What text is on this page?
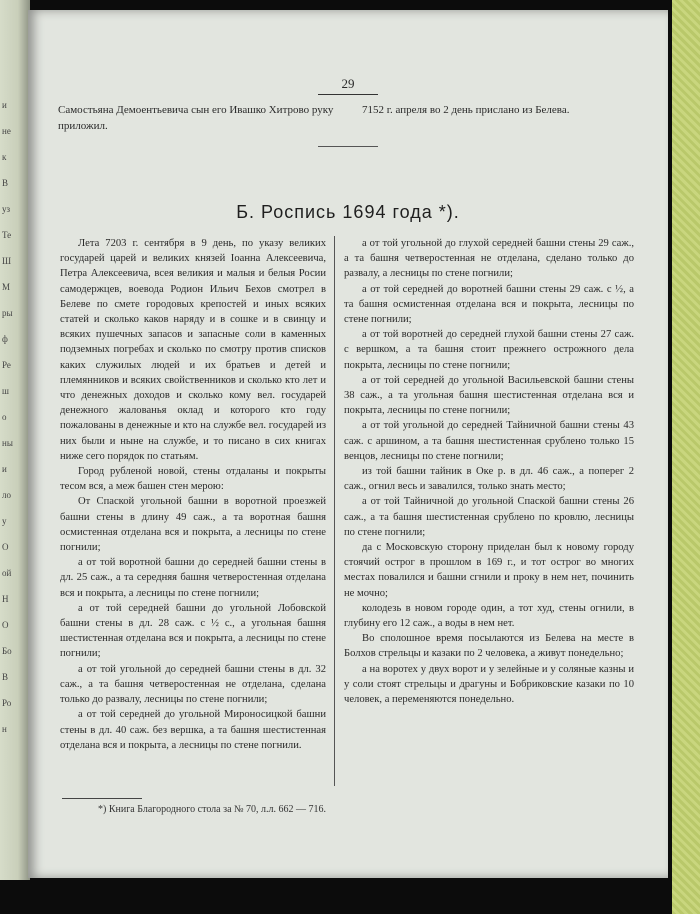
и
не
к
В
уз
Те
Ш
М
ры
ф
Ре
ш
о
ны
и
ло
у
О
ой
Н
О
Бо
В
Ро
н
29
Самостьяна Демоентьевича сын его Ивашко Хитрово руку приложил.
7152 г. апреля во 2 день прислано из Белева.
Б. Роспись 1694 года *).

Лета 7203 г. сентября в 9 день, по указу великих государей царей и великих князей Іоанна Алексеевича, Петра Алексеевича, всея великия и малыя и белыя Росии самодержцев, воевода Родион Ильич Бехов смотрел в Белеве по смете городовых крепостей и иных всяких статей и сколько каков наряду и в сошке и в свинцу и всяких пушечных запасов и запасные соли в каменных подземных погребах и сколько по смотру против списков каких служилых людей и их братьев и детей и племянников и всяких свойственников и сколько кто лет и что денежных доходов и сколько кому вел. государей денежного жалованья оклад и которого кто году пожалованы в денежные и кто на службе вел. государей из них были и ныне на службе, и то писано в сих книгах ниже сего порядок по статьям.

Город рубленой новой, стены отдаланы и покрыты тесом вся, а меж башен стен мерою:

От Спаской угольной башни в воротной проезжей башни стены в длину 49 саж., а та воротная башня осмистенная отделана вся и покрыта, а лесницы по стене погнили;

а от той воротной башни до середней башни стены в дл. 25 саж., а та середняя башня четверостенная отделана вся и покрыта, а лесницы по стене погнили;

а от той середней башни до угольной Лобовской башни стены в дл. 28 саж. с ½ с., а угольная башня шестистенная отделана вся и покрыта, а лесницы по стене погнили;

а от той угольной до середней башни стены в дл. 32 саж., а та башня четверостенная не отделана, сделана только до развалу, лесницы по стене погнили;

а от той середней до угольной Мироносицкой башни стены в дл. 40 саж. без вершка, а та башня шестистенная отделана вся и покрыта, а лесницы по стене погнили.

а от той угольной до глухой середней башни стены 29 саж., а та башня четверостенная не отделана, сделано только до развалу, а лесницы по стене погнили;

а от той середней до воротней башни стены 29 саж. с ½, а та башня осмистенная отделана вся и покрыта, лесницы по стене погнили;

а от той воротней до середней глухой башни стены 27 саж. с вершком, а та башня стоит прежнего острожного дела покрыта, лесницы по стене погнили;

а от той середней до угольной Васильевской башни стены 38 саж., а та угольная башня шестистенная отделана вся и покрыта, лесницы по стене погнили;

а от той угольной до середней Тайничной башни стены 43 саж. с аршином, а та башня шестистенная срублено только 15 венцов, лесницы по стене погнили;

из той башни тайник в Оке р. в дл. 46 саж., а поперег 2 саж., огнил весь и завалился, только знать место;

а от той Тайничной до угольной Спаской башни стены 26 саж., а та башня шестистенная срублено по кровлю, лесницы по стене погнили;

да с Московскую сторону приделан был к новому городу стоячий острог в прошлом в 169 г., и тот острог во многих местах повалился и башни сгнили и проку в нем нет, починить не мочно;

колодезь в новом городе один, а тот худ, стены огнили, в глубину его 12 саж., а воды в нем нет.

Во сполошное время посылаются из Белева на месте в Болхов стрельцы и казаки по 2 человека, а живут понедельно;

а на воротех у двух ворот и у зелейные и у соляные казны и у соли стоят стрельцы и драгуны и Бобриковские казаки по 10 человек, а переменяются понедельно.

*) Книга Благородного стола за № 70, л.л. 662 — 716.
